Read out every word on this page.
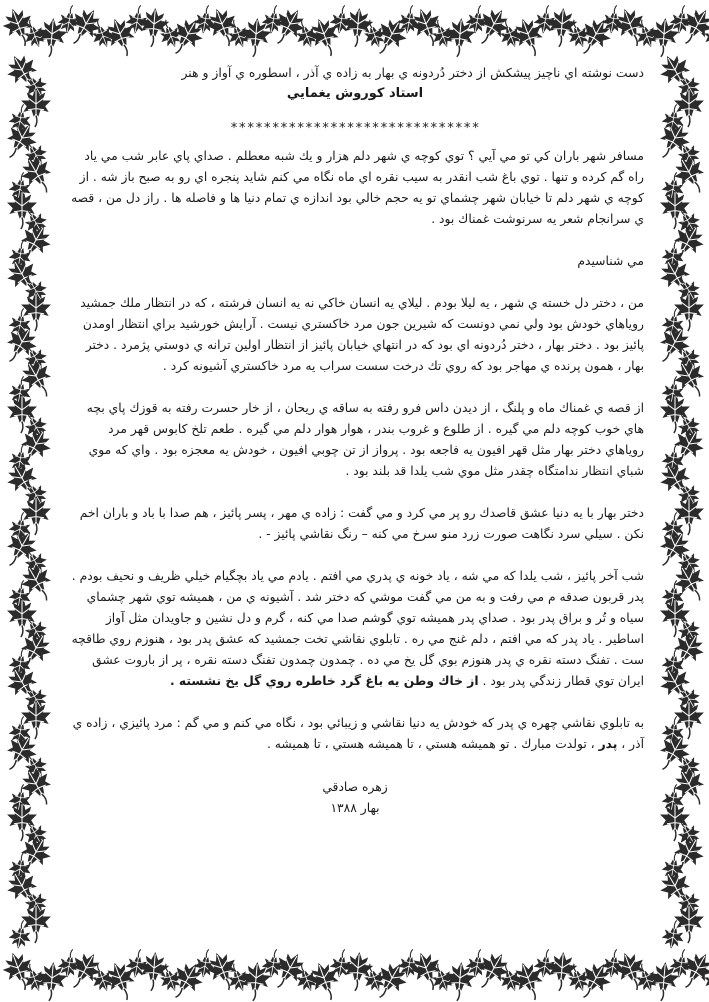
دست نوشته اي ناچيز پيشكش از دختر دُردونه ي بهار به زاده ي آذر ، اسطوره ي آواز و هنر

استاد كوروش يغمايي

******************************

مسافر شهر باران كي تو مي آيي ؟ توي كوچه ي شهر دلم هزار و يك شبه معطلم . صداي پاي عابر شب مي ياد راه گم كرده و تنها . توي باغ شب انقدر به سيب نقره اي ماه نگاه مي كنم شايد پنجره اي رو به صبح باز شه . از كوچه ي شهر دلم تا خيابان شهر چشماي تو يه حجم خالي بود اندازه ي تمام دنيا ها و فاصله ها . راز دل من ، قصه ي سرانجام شعر يه سرنوشت غمناك بود .

مي شناسيدم

من ، دختر دل خسته ي شهر ، يه ليلا بودم . ليلاي يه انسان خاكي نه يه انسان فرشته ، كه در انتظار ملك جمشيد روياهاي خودش بود ولي نمي دونست كه شيرين جون مرد خاكستري نيست . آرايش خورشيد براي انتظار اومدن پائيز بود . دختر بهار ، دختر دُردونه اي بود كه در انتهاي خيابان پائيز از انتظار اولين ترانه ي دوستي پژمرد . دختر بهار ، همون پرنده ي مهاجر بود كه روي تك درخت سست سراب يه مرد خاكستري آشيونه كرد .

از قصه ي غمناك ماه و پلنگ ، از ديدن داس فرو رفته به ساقه ي ريحان ، از خار حسرت رفته به قوزك پاي بچه هاي خوب كوچه دلم مي گيره . از طلوع و غروب بندر ، هوار هوار دلم مي گيره . طعم تلخ كابوس قهر مرد روياهاي دختر بهار مثل قهر افيون يه فاجعه بود . پرواز از تن چوبي افيون ، خودش يه معجزه بود . واي كه موي شباي انتظار ندامتگاه چقدر مثل موي شب يلدا قد بلند بود .

دختر بهار با يه دنيا عشق قاصدك رو پر مي كرد و مي گفت : زاده ي مهر ، پسر پائيز ، هم صدا با باد و باران اخم نكن . سيلي سرد نگاهت صورت زرد منو سرخ مي كنه – رنگ نقاشي پائيز - .

شب آخر پائيز ، شب يلدا كه مي شه ، ياد خونه ي پدري مي افتم . يادم مي ياد بچگيام خيلي ظريف و نحيف بودم . پدر قربون صدقه م مي رفت و به من مي گفت موشي كه دختر شد . آشيونه ي من ، هميشه توي شهر چشماي سياه و تُر و براق پدر بود . صداي پدر هميشه توي گوشم صدا مي كنه ، گرم و دل نشين و جاويدان مثل آواز اساطير . ياد پدر كه مي افتم ، دلم غنج مي ره . تابلوي نقاشي تخت جمشيد كه عشق پدر بود ، هنوزم روي طاقچه ست . تفنگ دسته نقره ي پدر هنوزم بوي گل يخ مي ده . چمدون چمدون تفنگ دسته نقره ، پر از باروت عشق ايران توي قطار زندگي پدر بود . از خاك وطن يه باغ گرد خاطره روي گل يخ نشسته .

به تابلوي نقاشي چهره ي پدر كه خودش يه دنيا نقاشي و زيبائي بود ، نگاه مي كنم و مي گم : مرد پائيزي ، زاده ي آذر ، پدر ، تولدت مبارك . تو هميشه هستي ، تا هميشه هستي ، تا هميشه .

زهره صادقي

بهار ١٣٨٨
